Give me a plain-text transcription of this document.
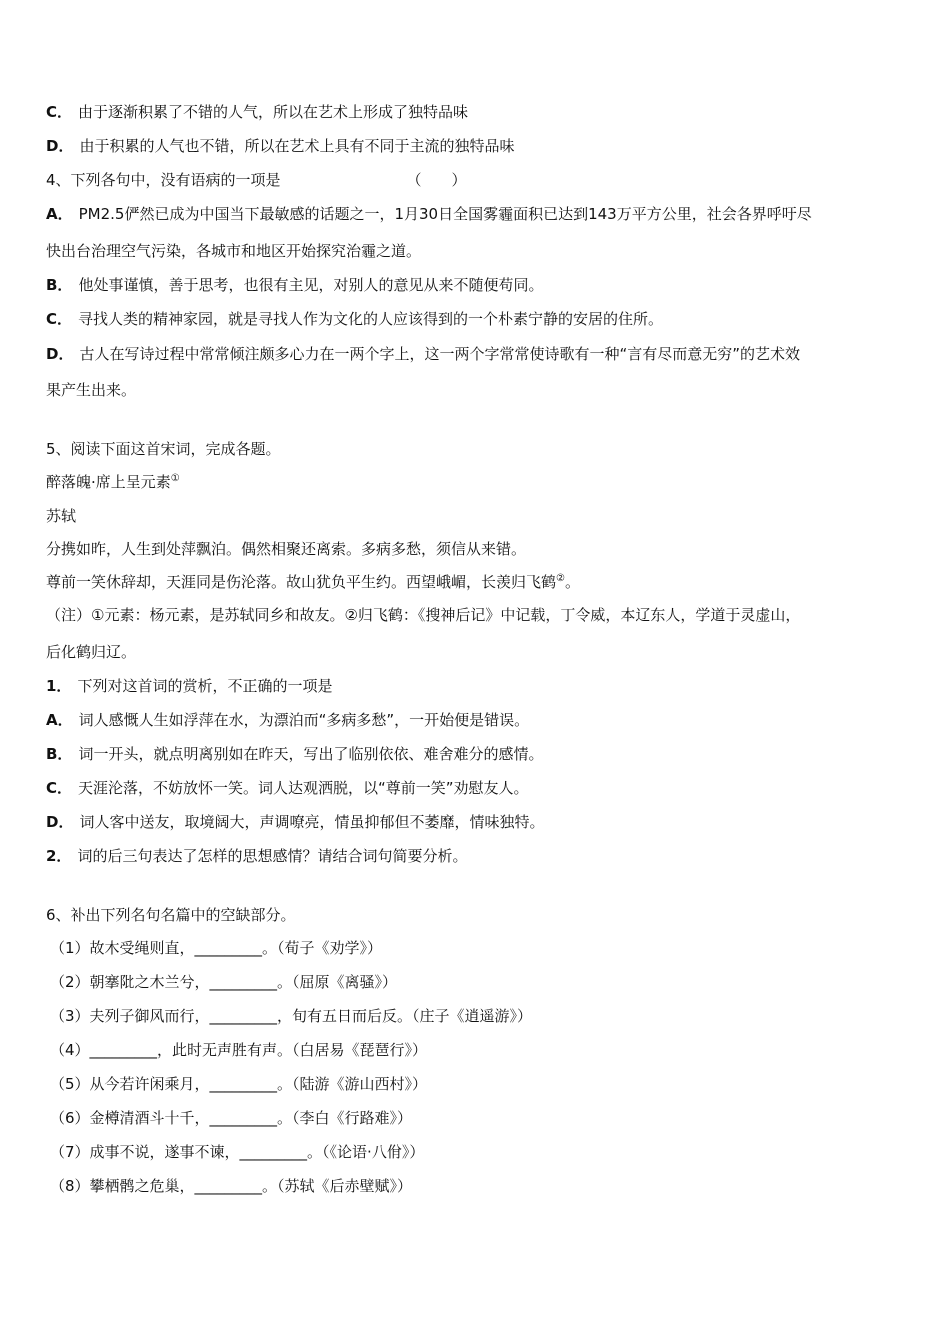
C． 由于逐渐积累了不错的人气，所以在艺术上形成了独特品味
D． 由于积累的人气也不错，所以在艺术上具有不同于主流的独特品味
4、下列各句中，没有语病的一项是	（　　）
A． PM2.5俨然已成为中国当下最敏感的话题之一，1月30日全国雾霾面积已达到143万平方公里，社会各界呼吁尽
快出台治理空气污染，各城市和地区开始探究治霾之道。
B． 他处事谨慎，善于思考，也很有主见，对别人的意见从来不随便苟同。
C． 寻找人类的精神家园，就是寻找人作为文化的人应该得到的一个朴素宁静的安居的住所。
D． 古人在写诗过程中常常倾注颇多心力在一两个字上，这一两个字常常使诗歌有一种“言有尽而意无穷”的艺术效
果产生出来。
5、阅读下面这首宋词，完成各题。
醉落魄·席上呈元素①
苏轼
分携如昨，人生到处萍飘泊。偶然相聚还离索。多病多愁，须信从来错。
尊前一笑休辞却，天涯同是伤沦落。故山犹负平生约。西望峨嵋，长羡归飞鹤②。
（注）①元素：杨元素，是苏轼同乡和故友。②归飞鹤：《搜神后记》中记载，丁令威，本辽东人，学道于灵虚山，
后化鹤归辽。
1． 下列对这首词的赏析，不正确的一项是
A． 词人感慨人生如浮萍在水，为漂泊而“多病多愁”，一开始便是错误。
B． 词一开头，就点明离别如在昨天，写出了临别依依、难舍难分的感情。
C． 天涯沦落，不妨放怀一笑。词人达观洒脱，以“尊前一笑”劝慰友人。
D． 词人客中送友，取境阔大，声调嘹亮，情虽抑郁但不萎靡，情味独特。
2． 词的后三句表达了怎样的思想感情？请结合词句简要分析。
6、补出下列名句名篇中的空缺部分。
（1）故木受绳则直，_________。（荀子《劝学》）
（2）朝搴阰之木兰兮，_________。（屈原《离骚》）
（3）夫列子御风而行，_________，旬有五日而后反。（庄子《逍遥游》）
（4）_________，此时无声胜有声。（白居易《琵琶行》）
（5）从今若许闲乘月，_________。（陆游《游山西村》）
（6）金樽清酒斗十千，_________。（李白《行路难》）
（7）成事不说，遂事不谏，_________。（《论语·八佾》）
（8）攀栖鹘之危巢，_________。（苏轼《后赤壁赋》）
